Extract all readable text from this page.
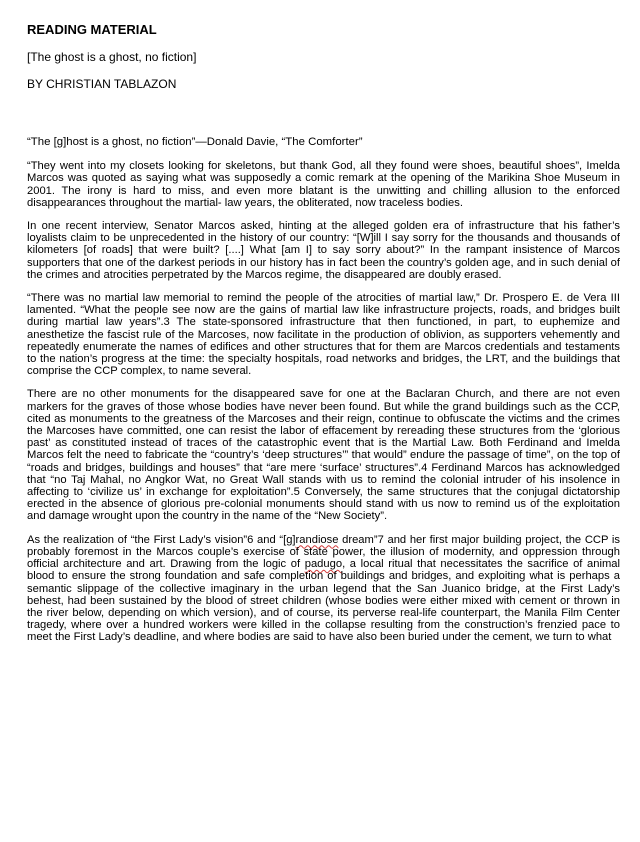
READING MATERIAL
[The ghost is a ghost, no fiction]
BY CHRISTIAN TABLAZON

“The [g]host is a ghost, no fiction”—Donald Davie, “The Comforter”

“They went into my closets looking for skeletons, but thank God, all they found were shoes, beautiful shoes”, Imelda Marcos was quoted as saying what was supposedly a comic remark at the opening of the Marikina Shoe Museum in 2001. The irony is hard to miss, and even more blatant is the unwitting and chilling allusion to the enforced disappearances throughout the martial- law years, the obliterated, now traceless bodies.

In one recent interview, Senator Marcos asked, hinting at the alleged golden era of infrastructure that his father’s loyalists claim to be unprecedented in the history of our country: “[W]ill I say sorry for the thousands and thousands of kilometers [of roads] that were built? [....] What [am I] to say sorry about?” In the rampant insistence of Marcos supporters that one of the darkest periods in our history has in fact been the country’s golden age, and in such denial of the crimes and atrocities perpetrated by the Marcos regime, the disappeared are doubly erased.

“There was no martial law memorial to remind the people of the atrocities of martial law,” Dr. Prospero E. de Vera III lamented. “What the people see now are the gains of martial law like infrastructure projects, roads, and bridges built during martial law years”.3 The state-sponsored infrastructure that then functioned, in part, to euphemize and anesthetize the fascist rule of the Marcoses, now facilitate in the production of oblivion, as supporters vehemently and repeatedly enumerate the names of edifices and other structures that for them are Marcos credentials and testaments to the nation’s progress at the time: the specialty hospitals, road networks and bridges, the LRT, and the buildings that comprise the CCP complex, to name several.

There are no other monuments for the disappeared save for one at the Baclaran Church, and there are not even markers for the graves of those whose bodies have never been found. But while the grand buildings such as the CCP, cited as monuments to the greatness of the Marcoses and their reign, continue to obfuscate the victims and the crimes the Marcoses have committed, one can resist the labor of effacement by rereading these structures from the ‘glorious past’ as constituted instead of traces of the catastrophic event that is the Martial Law. Both Ferdinand and Imelda Marcos felt the need to fabricate the “country’s ‘deep structures’” that would” endure the passage of time”, on the top of “roads and bridges, buildings and houses” that “are mere ‘surface’ structures”.4 Ferdinand Marcos has acknowledged that “no Taj Mahal, no Angkor Wat, no Great Wall stands with us to remind the colonial intruder of his insolence in affecting to ‘civilize us’ in exchange for exploitation”.5 Conversely, the same structures that the conjugal dictatorship erected in the absence of glorious pre-colonial monuments should stand with us now to remind us of the exploitation and damage wrought upon the country in the name of the “New Society”.

As the realization of “the First Lady’s vision”6 and “[g]randiose dream”7 and her first major building project, the CCP is probably foremost in the Marcos couple’s exercise of state power, the illusion of modernity, and oppression through official architecture and art. Drawing from the logic of padugo, a local ritual that necessitates the sacrifice of animal blood to ensure the strong foundation and safe completion of buildings and bridges, and exploiting what is perhaps a semantic slippage of the collective imaginary in the urban legend that the San Juanico bridge, at the First Lady’s behest, had been sustained by the blood of street children (whose bodies were either mixed with cement or thrown in the river below, depending on which version), and of course, its perverse real-life counterpart, the Manila Film Center tragedy, where over a hundred workers were killed in the collapse resulting from the construction’s frenzied pace to meet the First Lady’s deadline, and where bodies are said to have also been buried under the cement, we turn to what
